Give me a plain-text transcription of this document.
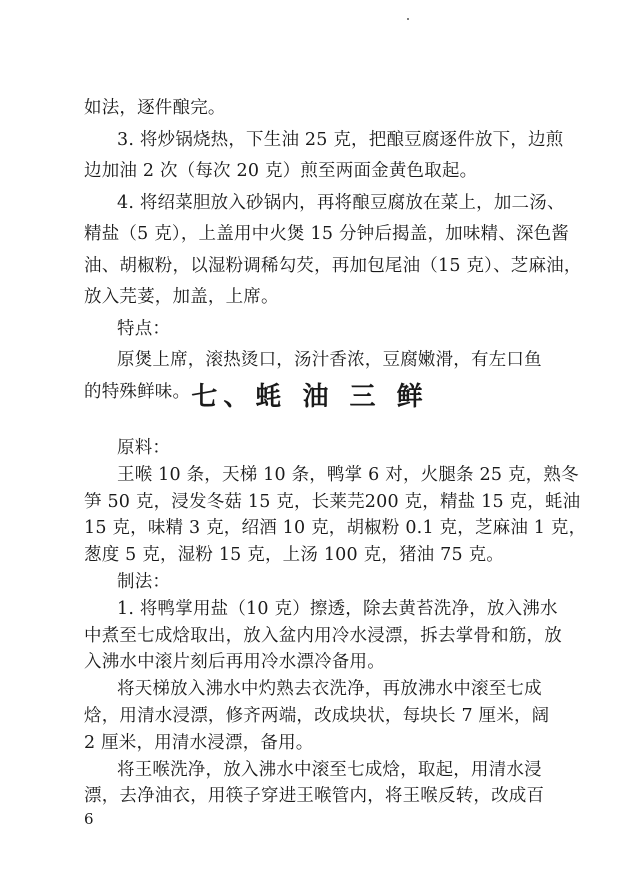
如法，逐件酿完。
3. 将炒锅烧热，下生油 25 克，把酿豆腐逐件放下，边煎
边加油 2 次（每次 20 克）煎至两面金黄色取起。
4. 将绍菜胆放入砂锅内，再将酿豆腐放在菜上，加二汤、
精盐（5 克），上盖用中火煲 15 分钟后揭盖，加味精、深色酱
油、胡椒粉，以湿粉调稀勾芡，再加包尾油（15 克）、芝麻油，
放入芫荽，加盖，上席。
特点：
原煲上席，滚热烫口，汤汁香浓，豆腐嫩滑，有左口鱼
的特殊鲜味。 七、蚝 油 三 鲜
原料：
王喉 10 条，天梯 10 条，鸭掌 6 对，火腿条 25 克，熟冬
笋 50 克，浸发冬菇 15 克，长莱芫200 克，精盐 15 克，蚝油
15 克，味精 3 克，绍酒 10 克，胡椒粉 0.1 克，芝麻油 1 克，
葱度 5 克，湿粉 15 克，上汤 100 克，猪油 75 克。
制法：
1. 将鸭掌用盐（10 克）擦透，除去黄苔洗净，放入沸水
中煮至七成焓取出，放入盆内用冷水浸漂，拆去掌骨和筋，放
入沸水中滚片刻后再用冷水漂冷备用。
将天梯放入沸水中灼熟去衣洗净，再放沸水中滚至七成
焓，用清水浸漂，修齐两端，改成块状，每块长 7 厘米，阔
2 厘米，用清水浸漂，备用。
将王喉洗净，放入沸水中滚至七成焓，取起，用清水浸
漂，去净油衣，用筷子穿进王喉管内，将王喉反转，改成百
6
